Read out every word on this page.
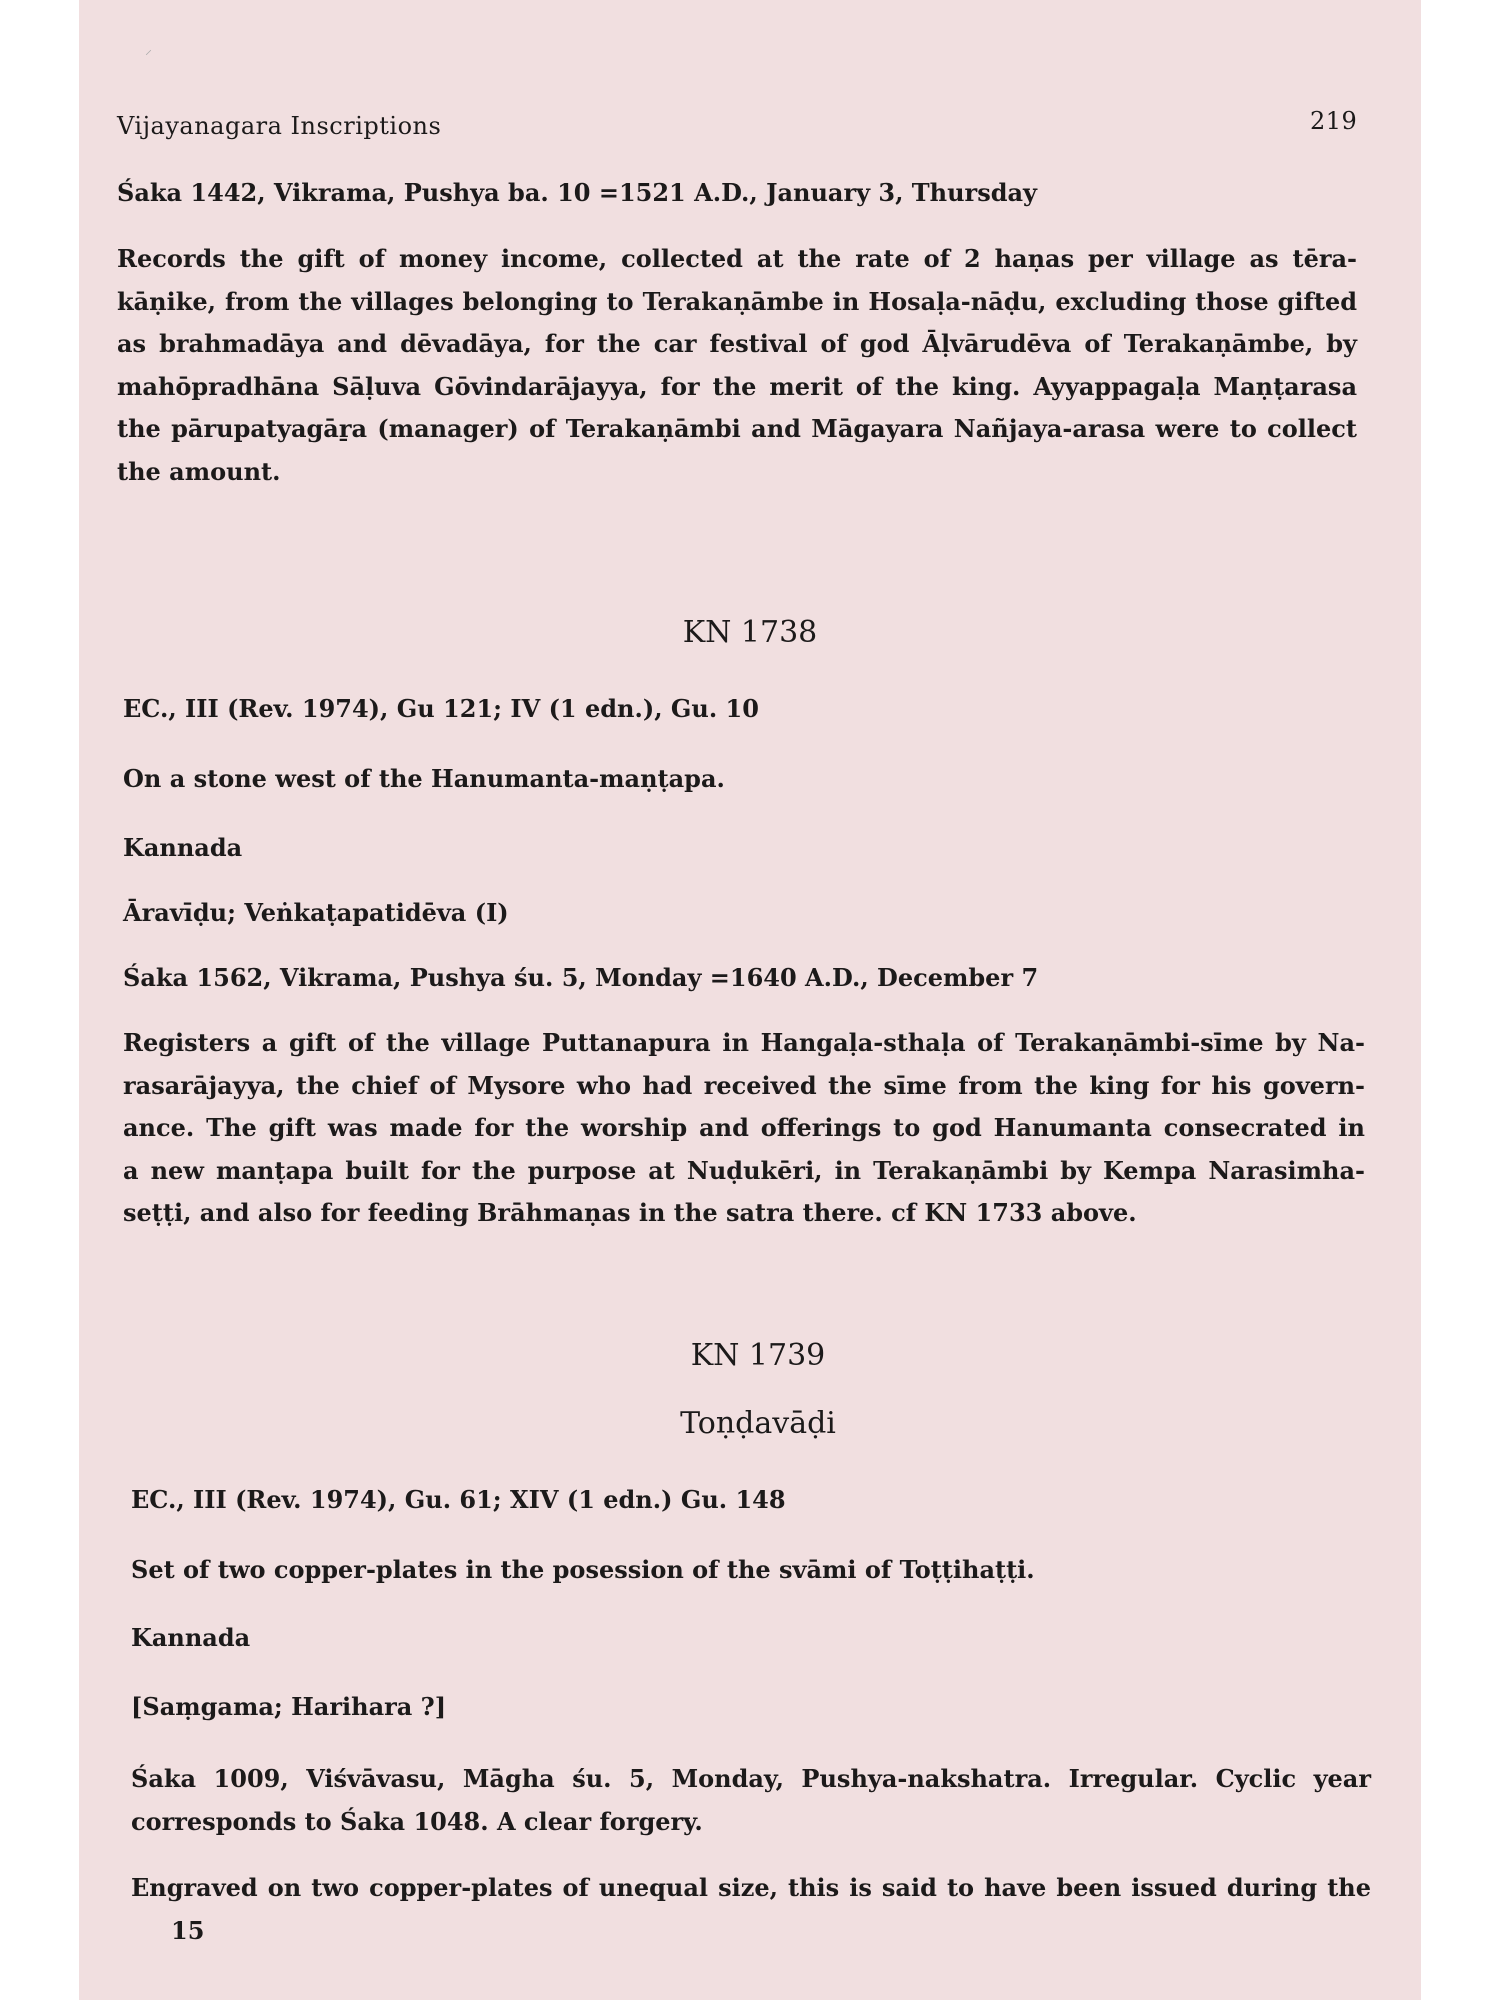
⸝
Vijayanagara Inscriptions	219
Śaka 1442, Vikrama, Pushya ba. 10 =1521 A.D., January 3, Thursday
Records the gift of money income, collected at the rate of 2 haṇas per village as tēra-
kāṇike, from the villages belonging to Terakaṇāmbe in Hosaḷa-nāḍu, excluding those gifted
as brahmadāya and dēvadāya, for the car festival of god Āḷvārudēva of Terakaṇāmbe, by
mahōpradhāna Sāḷuva Gōvindarājayya, for the merit of the king. Ayyappagaḷa Maṇṭarasa
the pārupatyagāṟa (manager) of Terakaṇāmbi and Māgayara Nañjaya-arasa were to collect
the amount.
KN 1738
EC., III (Rev. 1974), Gu 121; IV (1 edn.), Gu. 10
On a stone west of the Hanumanta-maṇṭapa.
Kannada
Āravīḍu; Veṅkaṭapatidēva (I)
Śaka 1562, Vikrama, Pushya śu. 5, Monday =1640 A.D., December 7
Registers a gift of the village Puttanapura in Hangaḷa-sthaḷa of Terakaṇāmbi-sīme by Na-
rasarājayya, the chief of Mysore who had received the sīme from the king for his govern-
ance. The gift was made for the worship and offerings to god Hanumanta consecrated in
a new manṭapa built for the purpose at Nuḍukēri, in Terakaṇāmbi by Kempa Narasimha-
seṭṭi, and also for feeding Brāhmaṇas in the satra there. cf KN 1733 above.
KN 1739
Toṇḍavāḍi
EC., III (Rev. 1974), Gu. 61; XIV (1 edn.) Gu. 148
Set of two copper-plates in the posession of the svāmi of Toṭṭihaṭṭi.
Kannada
[Saṃgama; Harihara ?]
Śaka 1009, Viśvāvasu, Māgha śu. 5, Monday, Pushya-nakshatra. Irregular. Cyclic year
corresponds to Śaka 1048. A clear forgery.
Engraved on two copper-plates of unequal size, this is said to have been issued during the
15
